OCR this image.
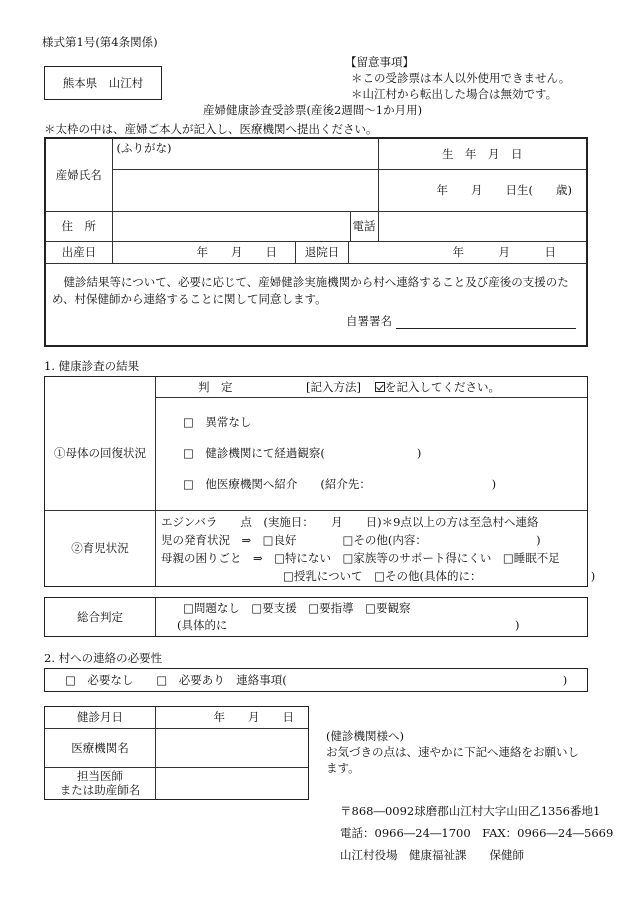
様式第1号(第4条関係)
熊本県　山江村
【留意事項】
＊この受診票は本人以外使用できません。
＊山江村から転出した場合は無効です。
産婦健康診査受診票(産後2週間～1か月用)
＊太枠の中は、産婦ご本人が記入し、医療機関へ提出ください。
産婦氏名	(ふりがな)		生　年　月　日
			年　　月　　日生(　　歳)
住　所		電話	
出産日	年　　月　　日	退院日	年　　　月　　　日
　健診結果等について、必要に応じて、産婦健診実施機関から村へ連絡すること及び産後の支援のため、村保健師から連絡することに関して同意します。
自署署名
1. 健康診査の結果
判　定	[記入方法]	を記入してください。
①母体の回復状況
□　異常なし
□　健診機関にて経過観察(　　　　　　　　)
□　他医療機関へ紹介　　(紹介先：　　　　　　　　　　　)
②育児状況
エジンバラ　　点　(実施日：　　月　　日)＊9点以上の方は至急村へ連絡
児の発育状況　⇒　□良好　　　　□その他(内容：　　　　　　　　　　)
母親の困りごと　⇒　□特にない　□家族等のサポート得にくい　□睡眠不足
□授乳について　□その他(具体的に：　　　　　　　　　　)
総合判定
□問題なし　□要支援　□要指導　□要観察
(具体的に　　　　　　　　　　　　　　　　　　　　　　　　　)
2. 村への連絡の必要性
□　必要なし　　□　必要あり　連絡事項(　　　　　　　　　　　　　　　　　　　　　　　　)
健診月日	年　　月　　日
医療機関名
担当医師
または助産師名
(健診機関様へ)
お気づきの点は、速やかに下記へ連絡をお願いし
ます。
〒868―0092球磨郡山江村大字山田乙1356番地1
電話：0966―24―1700　FAX：0966―24―5669
山江村役場　健康福祉課　　保健師
